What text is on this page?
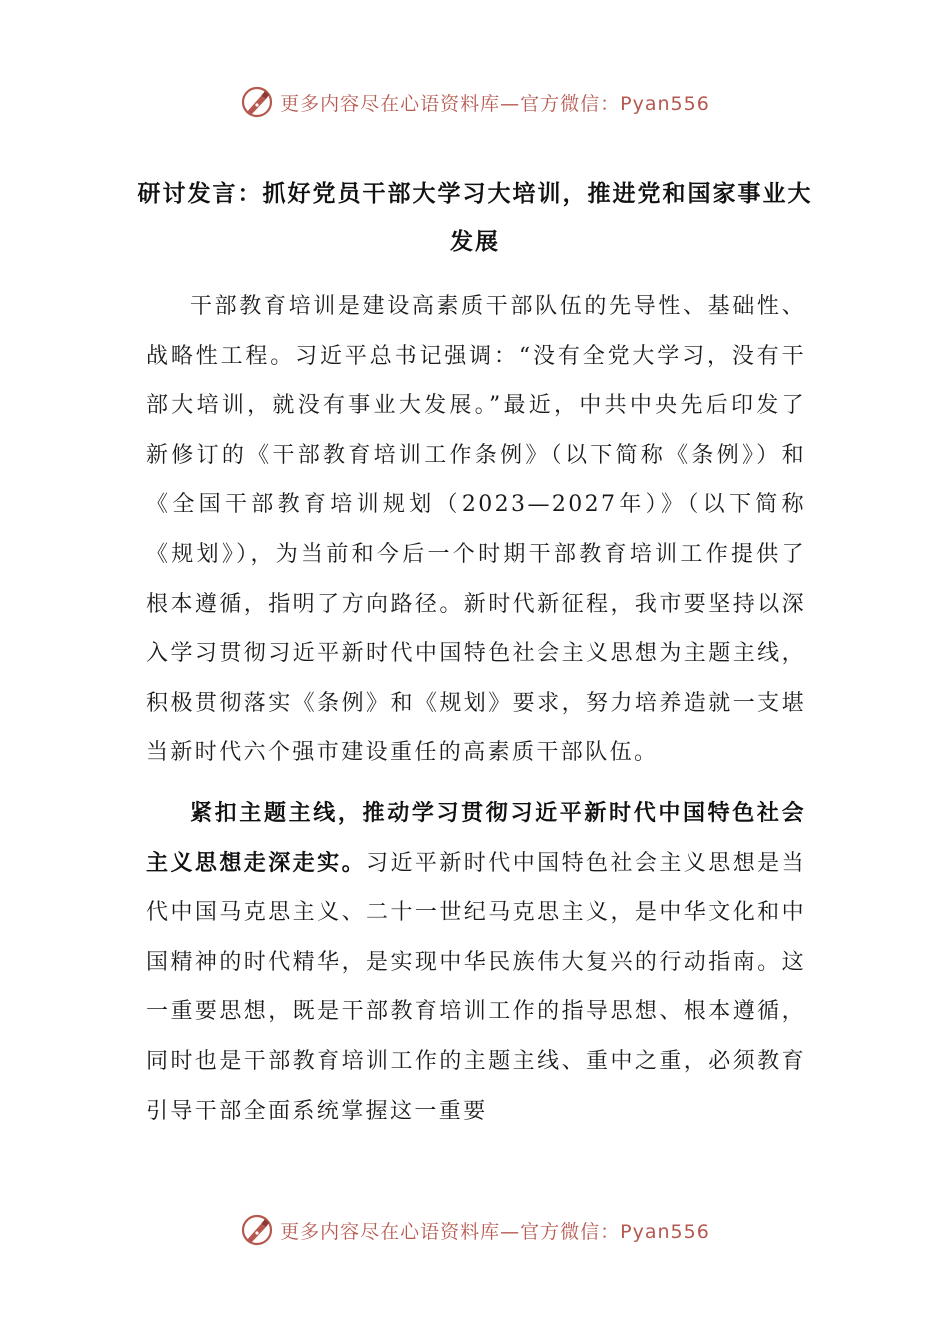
更多内容尽在心语资料库—官方微信：Pyan556
研讨发言：抓好党员干部大学习大培训，推进党和国家事业大发展

干部教育培训是建设高素质干部队伍的先导性、基础性、战略性工程。习近平总书记强调：“没有全党大学习，没有干部大培训，就没有事业大发展。”最近，中共中央先后印发了新修订的《干部教育培训工作条例》（以下简称《条例》）和《全国干部教育培训规划（2023—2027年）》（以下简称《规划》），为当前和今后一个时期干部教育培训工作提供了根本遵循，指明了方向路径。新时代新征程，我市要坚持以深入学习贯彻习近平新时代中国特色社会主义思想为主题主线，积极贯彻落实《条例》和《规划》要求，努力培养造就一支堪当新时代六个强市建设重任的高素质干部队伍。

紧扣主题主线，推动学习贯彻习近平新时代中国特色社会主义思想走深走实。习近平新时代中国特色社会主义思想是当代中国马克思主义、二十一世纪马克思主义，是中华文化和中国精神的时代精华，是实现中华民族伟大复兴的行动指南。这一重要思想，既是干部教育培训工作的指导思想、根本遵循，同时也是干部教育培训工作的主题主线、重中之重，必须教育引导干部全面系统掌握这一重要

更多内容尽在心语资料库—官方微信：Pyan556
